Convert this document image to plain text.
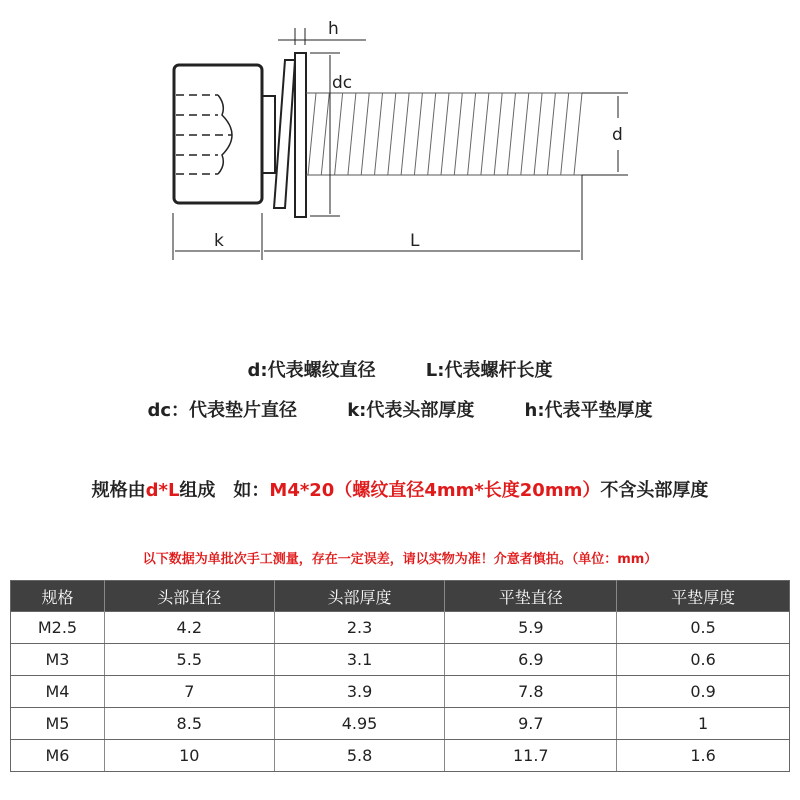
h
dc
d
k	L
d:代表螺纹直径	L:代表螺杆长度
dc：代表垫片直径	k:代表头部厚度	h:代表平垫厚度
规格由d*L组成　如：M4*20（螺纹直径4mm*长度20mm）不含头部厚度
以下数据为单批次手工测量，存在一定误差，请以实物为准！介意者慎拍。（单位：mm）
规格	头部直径	头部厚度	平垫直径	平垫厚度
M2.5	4.2	2.3	5.9	0.5
M3	5.5	3.1	6.9	0.6
M4	7	3.9	7.8	0.9
M5	8.5	4.95	9.7	1
M6	10	5.8	11.7	1.6
